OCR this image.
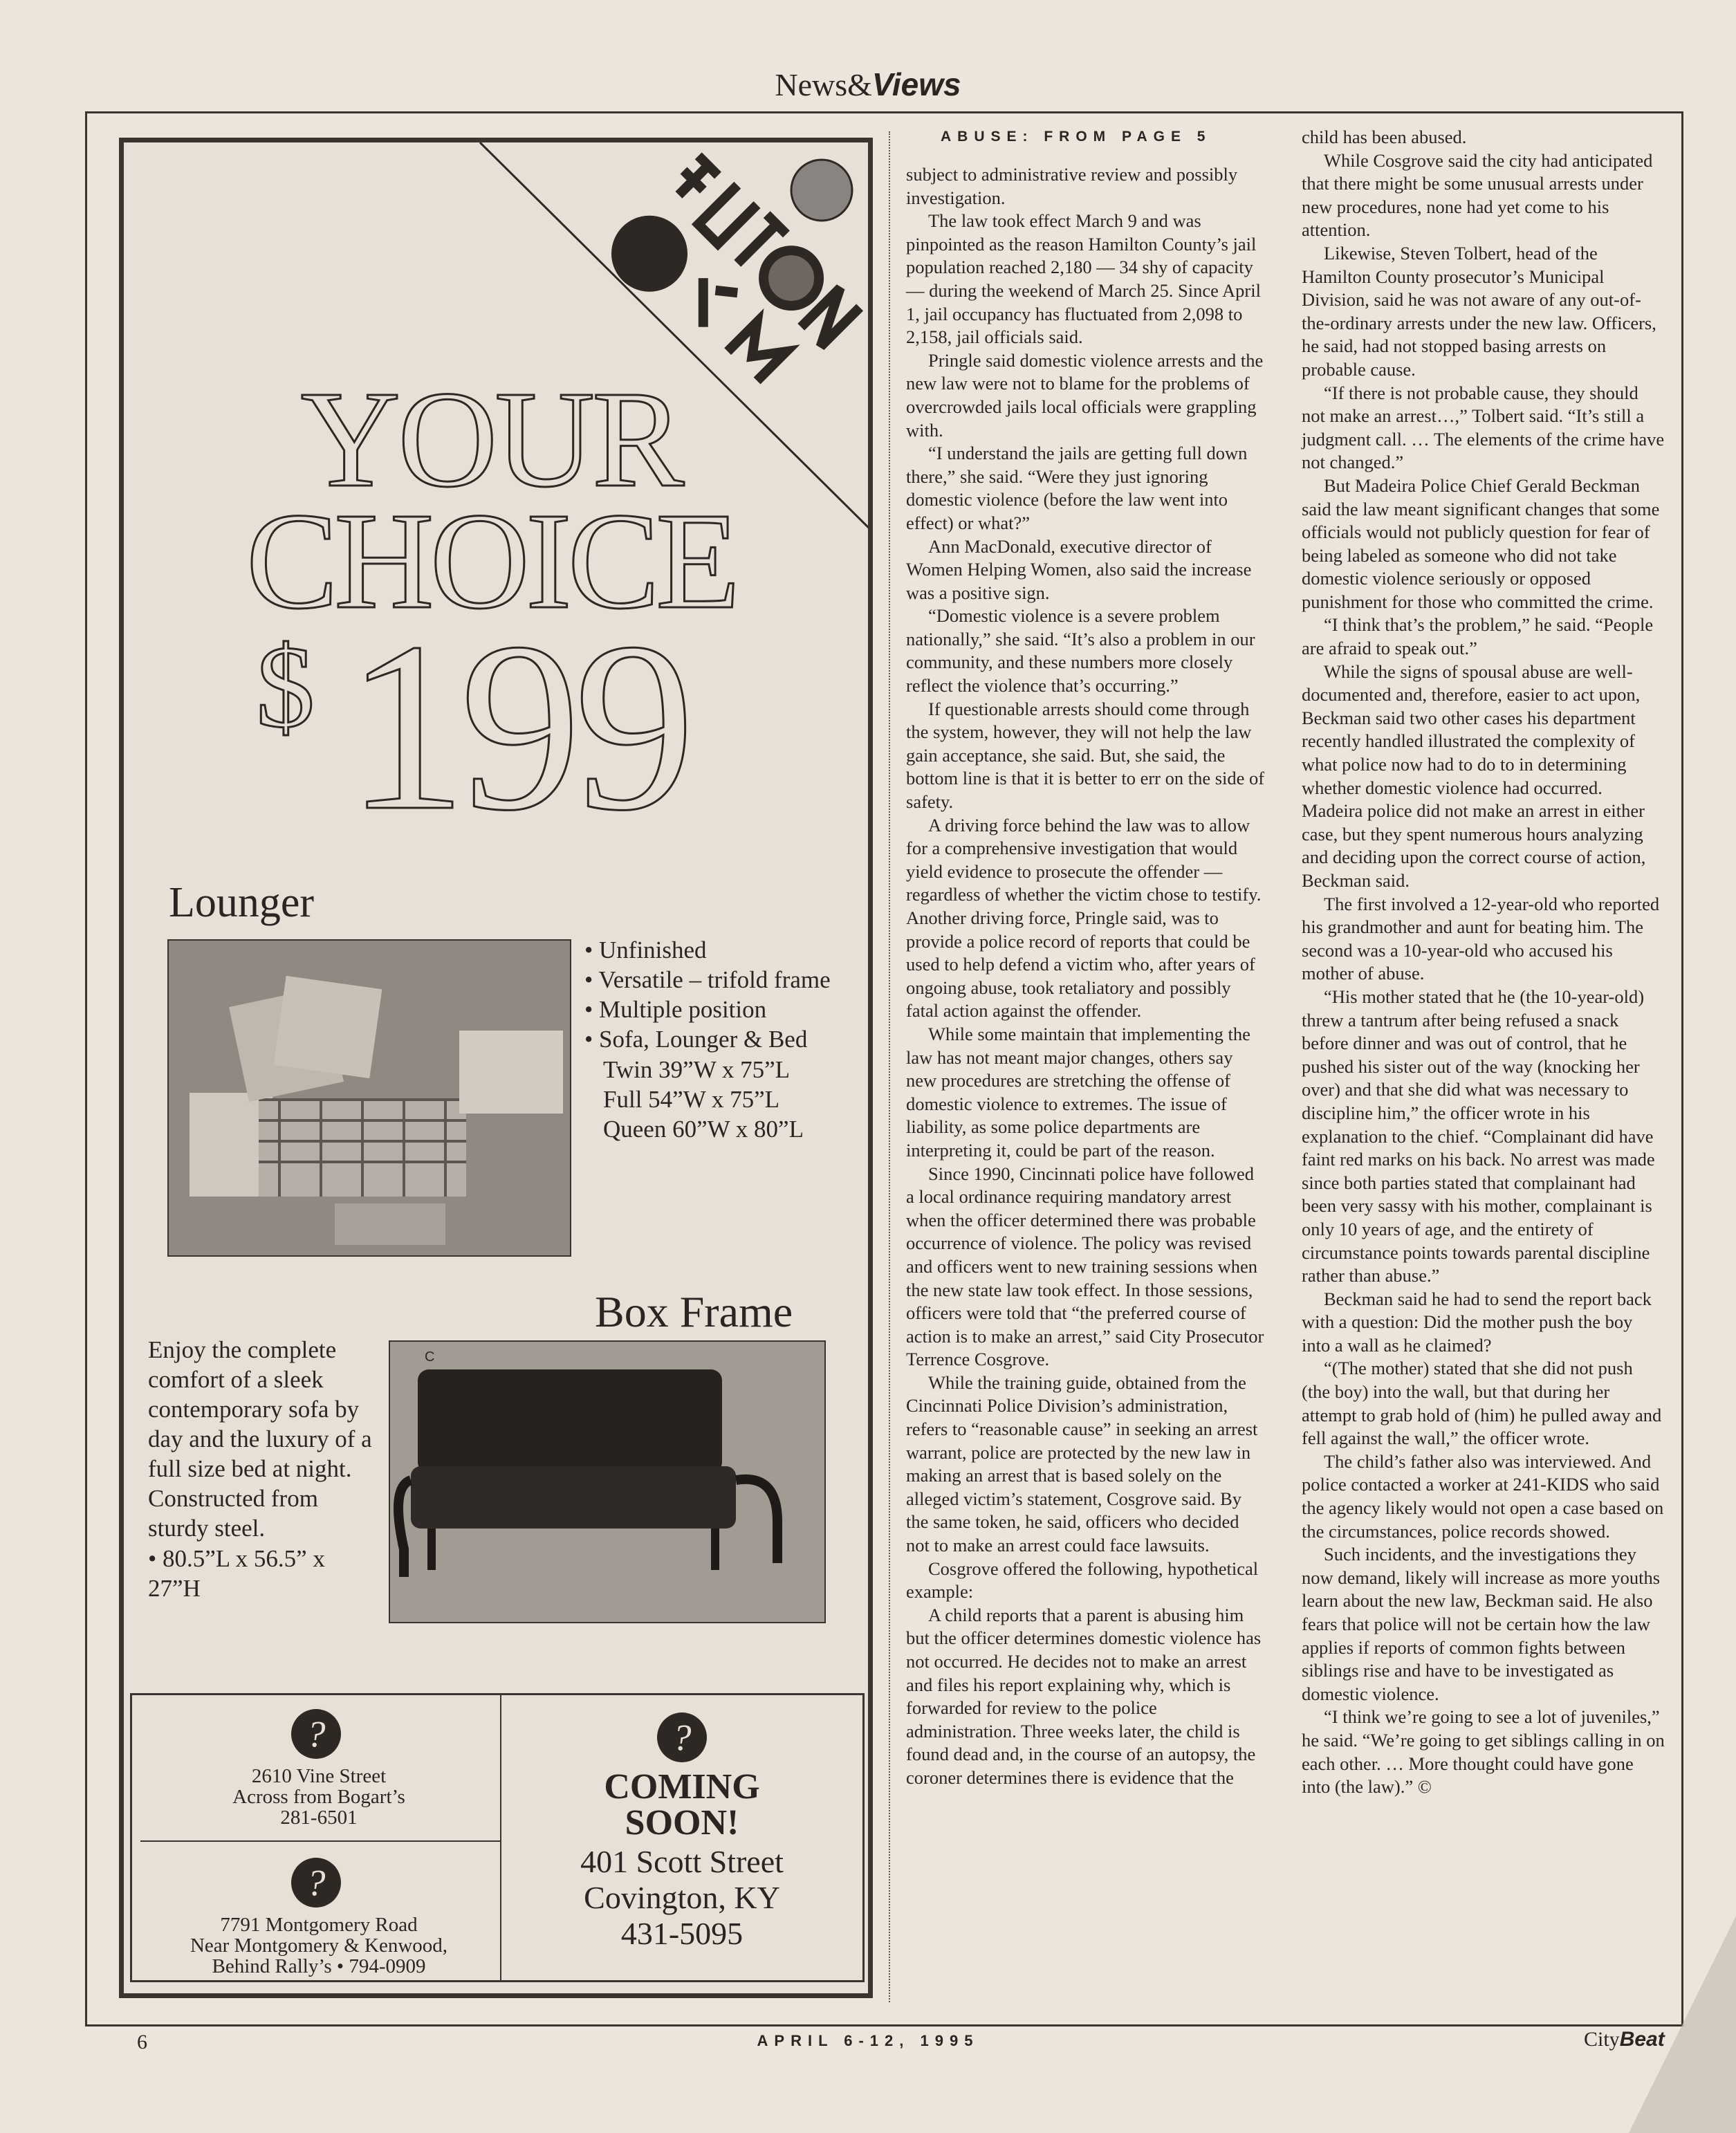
News&Views
YOUR
CHOICE
$ 199
Lounger
• Unfinished
• Versatile – trifold frame
• Multiple position
• Sofa, Lounger & Bed
Twin 39”W x 75”L
Full 54”W x 75”L
Queen 60”W x 80”L
Box Frame
Enjoy the complete comfort of a sleek contemporary sofa by day and the luxury of a full size bed at night. Constructed from sturdy steel.
• 80.5”L x 56.5” x 27”H
C
?
2610 Vine Street
Across from Bogart’s
281-6501
?
7791 Montgomery Road
Near Montgomery & Kenwood,
Behind Rally’s • 794-0909
?
COMING
SOON!
401 Scott Street
Covington, KY
431-5095
ABUSE: FROM PAGE 5

subject to administrative review and possibly investigation.

The law took effect March 9 and was pinpointed as the reason Hamilton County’s jail population reached 2,180 — 34 shy of capacity — during the weekend of March 25. Since April 1, jail occupancy has fluctuated from 2,098 to 2,158, jail officials said.

Pringle said domestic violence arrests and the new law were not to blame for the problems of overcrowded jails local officials were grappling with.

“I understand the jails are getting full down there,” she said. “Were they just ignoring domestic violence (before the law went into effect) or what?”

Ann MacDonald, executive director of Women Helping Women, also said the increase was a positive sign.

“Domestic violence is a severe problem nationally,” she said. “It’s also a problem in our community, and these numbers more closely reflect the violence that’s occurring.”

If questionable arrests should come through the system, however, they will not help the law gain acceptance, she said. But, she said, the bottom line is that it is better to err on the side of safety.

A driving force behind the law was to allow for a comprehensive investigation that would yield evidence to prosecute the offender — regardless of whether the victim chose to testify. Another driving force, Pringle said, was to provide a police record of reports that could be used to help defend a victim who, after years of ongoing abuse, took retaliatory and possibly fatal action against the offender.

While some maintain that implementing the law has not meant major changes, others say new procedures are stretching the offense of domestic violence to extremes. The issue of liability, as some police departments are interpreting it, could be part of the reason.

Since 1990, Cincinnati police have followed a local ordinance requiring mandatory arrest when the officer determined there was probable occurrence of violence. The policy was revised and officers went to new training sessions when the new state law took effect. In those sessions, officers were told that “the preferred course of action is to make an arrest,” said City Prosecutor Terrence Cosgrove.

While the training guide, obtained from the Cincinnati Police Division’s administration, refers to “reasonable cause” in seeking an arrest warrant, police are protected by the new law in making an arrest that is based solely on the alleged victim’s statement, Cosgrove said. By the same token, he said, officers who decided not to make an arrest could face lawsuits.

Cosgrove offered the following, hypothetical example:

A child reports that a parent is abusing him but the officer determines domestic violence has not occurred. He decides not to make an arrest and files his report explaining why, which is forwarded for review to the police administration. Three weeks later, the child is found dead and, in the course of an autopsy, the coroner determines there is evidence that the

child has been abused.

While Cosgrove said the city had anticipated that there might be some unusual arrests under new procedures, none had yet come to his attention.

Likewise, Steven Tolbert, head of the Hamilton County prosecutor’s Municipal Division, said he was not aware of any out-of-the-ordinary arrests under the new law. Officers, he said, had not stopped basing arrests on probable cause.

“If there is not probable cause, they should not make an arrest…,” Tolbert said. “It’s still a judgment call. … The elements of the crime have not changed.”

But Madeira Police Chief Gerald Beckman said the law meant significant changes that some officials would not publicly question for fear of being labeled as someone who did not take domestic violence seriously or opposed punishment for those who committed the crime.

“I think that’s the problem,” he said. “People are afraid to speak out.”

While the signs of spousal abuse are well-documented and, therefore, easier to act upon, Beckman said two other cases his department recently handled illustrated the complexity of what police now had to do to in determining whether domestic violence had occurred. Madeira police did not make an arrest in either case, but they spent numerous hours analyzing and deciding upon the correct course of action, Beckman said.

The first involved a 12-year-old who reported his grandmother and aunt for beating him. The second was a 10-year-old who accused his mother of abuse.

“His mother stated that he (the 10-year-old) threw a tantrum after being refused a snack before dinner and was out of control, that he pushed his sister out of the way (knocking her over) and that she did what was necessary to discipline him,” the officer wrote in his explanation to the chief. “Complainant did have faint red marks on his back. No arrest was made since both parties stated that complainant had been very sassy with his mother, complainant is only 10 years of age, and the entirety of circumstance points towards parental discipline rather than abuse.”

Beckman said he had to send the report back with a question: Did the mother push the boy into a wall as he claimed?

“(The mother) stated that she did not push (the boy) into the wall, but that during her attempt to grab hold of (him) he pulled away and fell against the wall,” the officer wrote.

The child’s father also was interviewed. And police contacted a worker at 241-KIDS who said the agency likely would not open a case based on the circumstances, police records showed.

Such incidents, and the investigations they now demand, likely will increase as more youths learn about the new law, Beckman said. He also fears that police will not be certain how the law applies if reports of common fights between siblings rise and have to be investigated as domestic violence.

“I think we’re going to see a lot of juveniles,” he said. “We’re going to get siblings calling in on each other. … More thought could have gone into (the law).” ©

6	APRIL 6-12, 1995	CityBeat
